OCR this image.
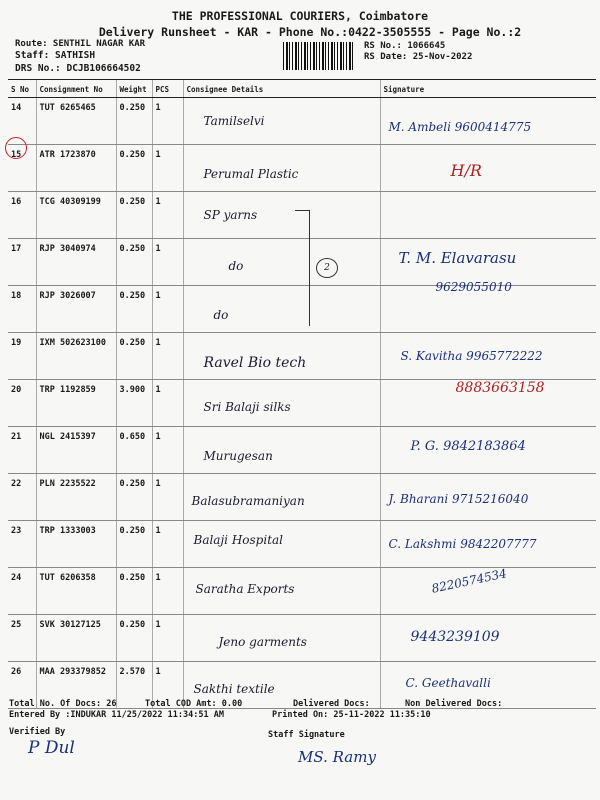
THE PROFESSIONAL COURIERS, Coimbatore
Delivery Runsheet - KAR - Phone No.:0422-3505555 - Page No.:2
Route: SENTHIL NAGAR KAR
Staff: SATHISH
DRS No.: DCJB106664502
RS No.: 1066645
RS Date: 25-Nov-2022
S No	Consignment No	Weight	PCS	Consignee Details	Signature
14	TUT 6265465	0.250	1	Tamilselvi	M. Ambeli 9600414775

15	ATR 1723870	0.250	1	Perumal Plastic	H/R

16	TCG 40309199	0.250	1	SP yarns	

17	RJP 3040974	0.250	1	do	T. M. Elavarasu

18	RJP 3026007	0.250	1	do	9629055010

19	IXM 502623100	0.250	1	Ravel Bio tech	S. Kavitha 9965772222

20	TRP 1192859	3.900	1	Sri Balaji silks	8883663158

21	NGL 2415397	0.650	1	Murugesan	P. G. 9842183864

22	PLN 2235522	0.250	1	Balasubramaniyan	J. Bharani 9715216040

23	TRP 1333003	0.250	1	Balaji Hospital	C. Lakshmi 9842207777

24	TUT 6206358	0.250	1	Saratha Exports	8220574534

25	SVK 30127125	0.250	1	Jeno garments	9443239109

26	MAA 293379852	2.570	1	Sakthi textile	C. Geethavalli
2
Total No. Of Docs: 26	Total COD Amt: 0.00	Delivered Docs:	Non Delivered Docs:
Entered By :INDUKAR 11/25/2022 11:34:51 AM	Printed On: 25-11-2022 11:35:10
Verified By
P Dul
Staff Signature
MS. Ramy
